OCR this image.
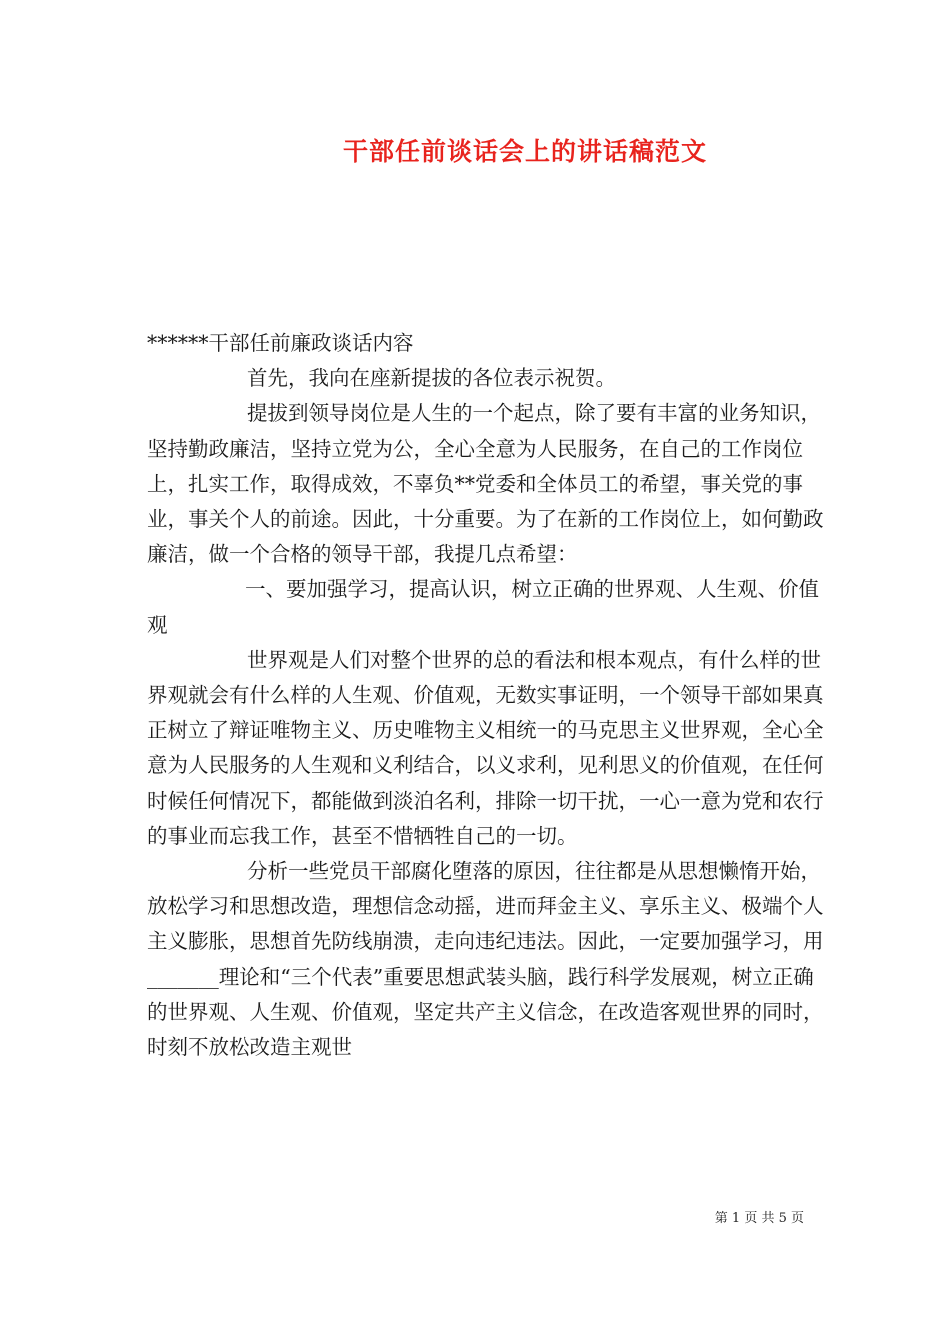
干部任前谈话会上的讲话稿范文

******干部任前廉政谈话内容

首先，我向在座新提拔的各位表示祝贺。

提拔到领导岗位是人生的一个起点，除了要有丰富的业务知识，坚持勤政廉洁，坚持立党为公，全心全意为人民服务，在自己的工作岗位上，扎实工作，取得成效，不辜负**党委和全体员工的希望，事关党的事业，事关个人的前途。因此，十分重要。为了在新的工作岗位上，如何勤政廉洁，做一个合格的领导干部，我提几点希望：

一、要加强学习，提高认识，树立正确的世界观、人生观、价值观

世界观是人们对整个世界的总的看法和根本观点，有什么样的世界观就会有什么样的人生观、价值观，无数实事证明，一个领导干部如果真正树立了辩证唯物主义、历史唯物主义相统一的马克思主义世界观，全心全意为人民服务的人生观和义利结合，以义求利，见利思义的价值观，在任何时候任何情况下，都能做到淡泊名利，排除一切干扰，一心一意为党和农行的事业而忘我工作，甚至不惜牺牲自己的一切。

分析一些党员干部腐化堕落的原因，往往都是从思想懒惰开始，放松学习和思想改造，理想信念动摇，进而拜金主义、享乐主义、极端个人主义膨胀，思想首先防线崩溃，走向违纪违法。因此，一定要加强学习，用_______理论和“三个代表”重要思想武装头脑，践行科学发展观，树立正确的世界观、人生观、价值观，坚定共产主义信念，在改造客观世界的同时，时刻不放松改造主观世

第 1 页 共 5 页
